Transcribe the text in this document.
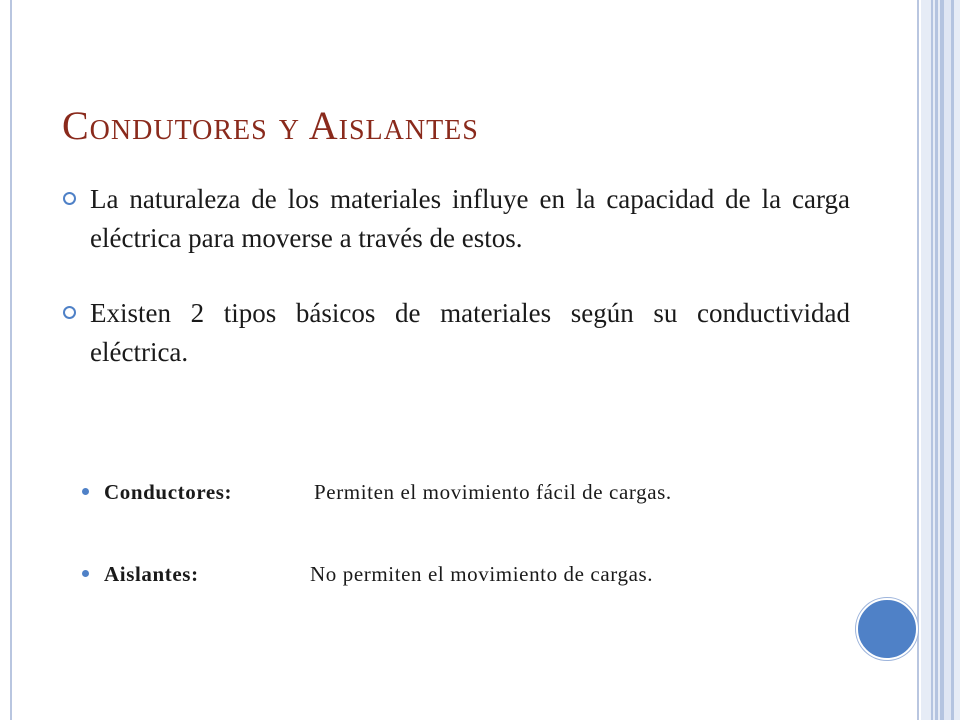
Condutores y Aislantes
La naturaleza de los materiales influye en la capacidad de la carga eléctrica para moverse a través de estos.
Existen 2 tipos básicos de materiales según su conductividad eléctrica.
Conductores:	Permiten el movimiento fácil de cargas.
Aislantes:	No permiten el movimiento de cargas.
